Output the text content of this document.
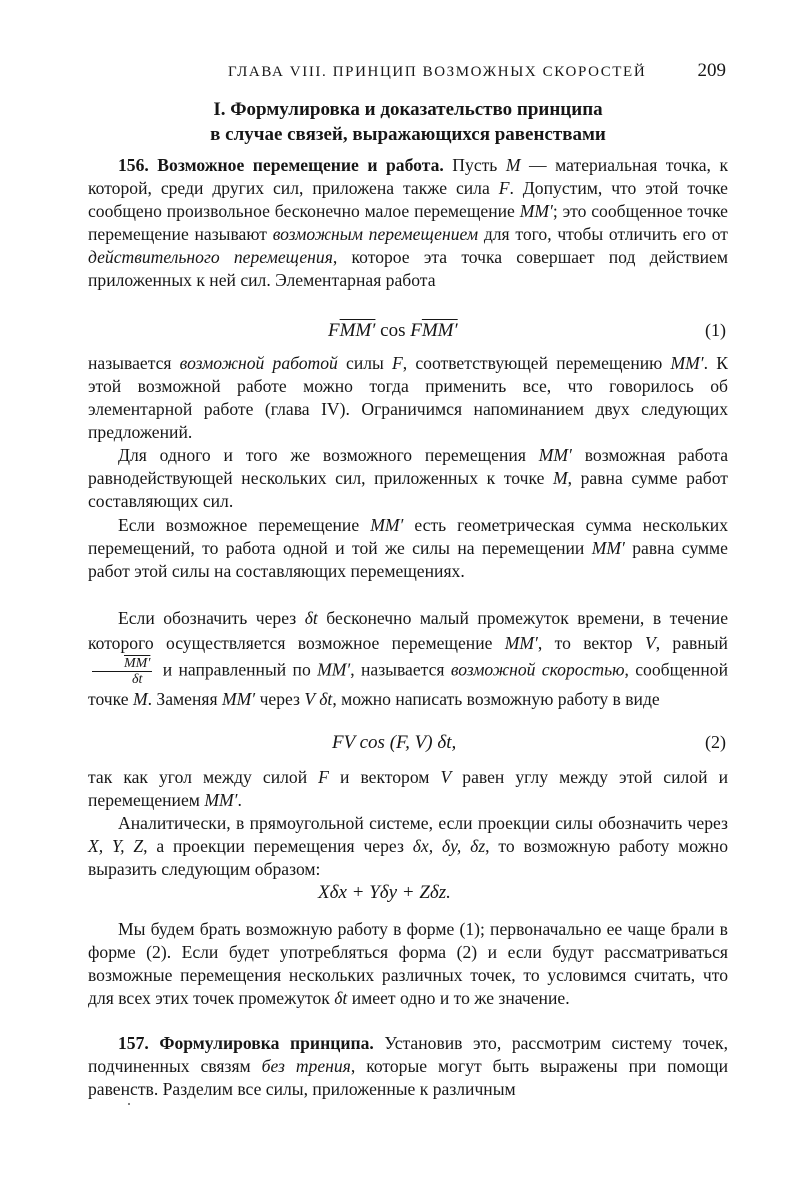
ГЛАВА VIII. ПРИНЦИП ВОЗМОЖНЫХ СКОРОСТЕЙ	209
I. Формулировка и доказательство принципа
в случае связей, выражающихся равенствами

156. Возможное перемещение и работа. Пусть M — материальная точка, к которой, среди других сил, приложена также сила F. Допустим, что этой точке сообщено произвольное бесконечно малое перемещение MM′; это сообщенное точке перемещение называют возможным перемещением для того, чтобы отличить его от действительного перемещения, которое эта точка совершает под действием приложенных к ней сил. Элементарная работа

FMM′ cos FMM′	(1)

называется возможной работой силы F, соответствующей перемещению MM′. К этой возможной работе можно тогда применить все, что говорилось об элементарной работе (глава IV). Ограничимся напоминанием двух следующих предложений.

Для одного и того же возможного перемещения MM′ возможная работа равнодействующей нескольких сил, приложенных к точке M, равна сумме работ составляющих сил.

Если возможное перемещение MM′ есть геометрическая сумма нескольких перемещений, то работа одной и той же силы на перемещении MM′ равна сумме работ этой силы на составляющих перемещениях.

Если обозначить через δt бесконечно малый промежуток времени, в течение которого осуществляется возможное перемещение MM′, то вектор V, равный
$\frac{MM'}{\delta t}$ и направленный по MM′, называется возможной скоростью, сообщенной точке M. Заменяя MM′ через V δt, можно написать возможную работу в виде

FV cos (F, V) δt,	(2)

так как угол между силой F и вектором V равен углу между этой силой и перемещением MM′.

Аналитически, в прямоугольной системе, если проекции силы обозначить через X, Y, Z, а проекции перемещения через δx, δy, δz, то возможную работу можно выразить следующим образом:

Xδx + Yδy + Zδz.

Мы будем брать возможную работу в форме (1); первоначально ее чаще брали в форме (2). Если будет употребляться форма (2) и если будут рассматриваться возможные перемещения нескольких различных точек, то условимся считать, что для всех этих точек промежуток δt имеет одно и то же значение.

157. Формулировка принципа. Установив это, рассмотрим систему точек, подчиненных связям без трения, которые могут быть выражены при помощи равенств. Разделим все силы, приложенные к различным
